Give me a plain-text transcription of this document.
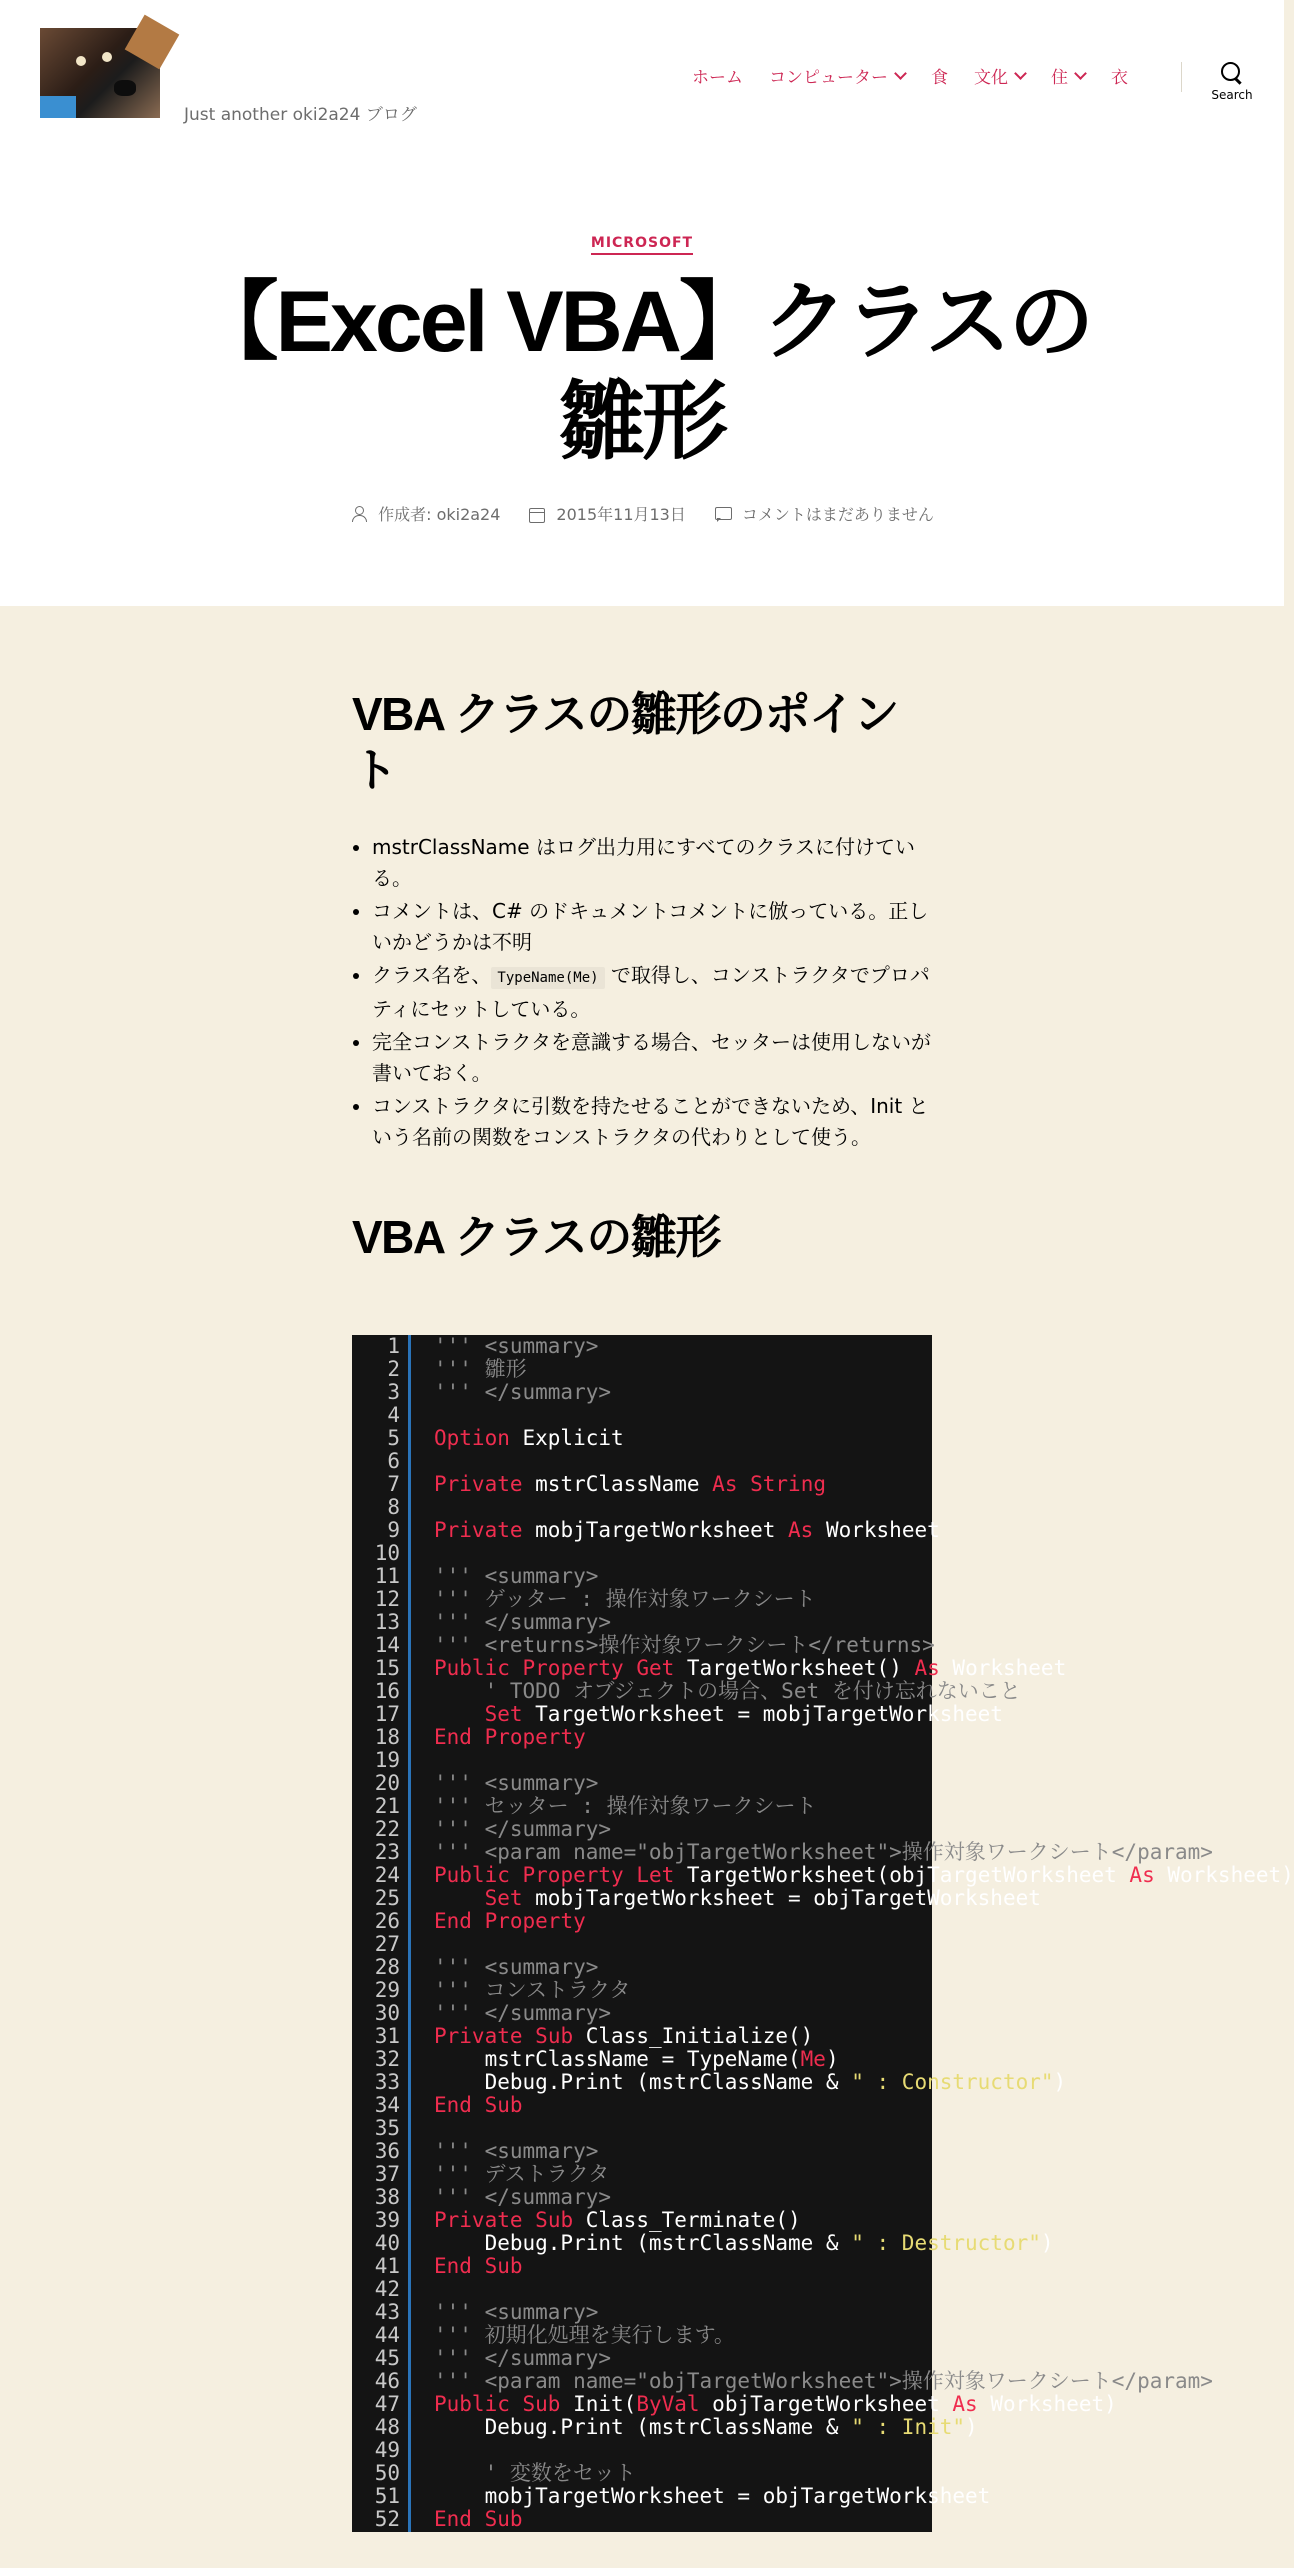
Just another oki2a24 ブログ
ホーム コンピューター	食 文化	住	衣
Search
MICROSOFT
【Excel VBA】クラスの雛形
作成者: oki2a24	2015年11月13日	コメントはまだありません
VBA クラスの雛形のポイント
• mstrClassName はログ出力用にすべてのクラスに付けている。
• コメントは、C# のドキュメントコメントに倣っている。正しいかどうかは不明
• クラス名を、 TypeName(Me) で取得し、コンストラクタでプロパティにセットしている。
• 完全コンストラクタを意識する場合、セッターは使用しないが書いておく。
• コンストラクタに引数を持たせることができないため、Init という名前の関数をコンストラクタの代わりとして使う。
VBA クラスの雛形
1 ''' <summary>
2 ''' 雛形
3 ''' </summary>
4
5 Option Explicit
6
7 Private mstrClassName As String
8
9 Private mobjTargetWorksheet As Worksheet
10
11 ''' <summary>
12 ''' ゲッター : 操作対象ワークシート
13 ''' </summary>
14 ''' <returns>操作対象ワークシート</returns>
15 Public Property Get TargetWorksheet() As Worksheet
16 ' TODO オブジェクトの場合、Set を付け忘れないこと
17	Set TargetWorksheet = mobjTargetWorksheet
18 End Property
19
20 ''' <summary>
21 ''' セッター : 操作対象ワークシート
22 ''' </summary>
23 ''' <param name="objTargetWorksheet">操作対象ワークシート</param>
24 Public Property Let TargetWorksheet(objTargetWorksheet As Worksheet)
25	Set mobjTargetWorksheet = objTargetWorksheet
26 End Property
27
28 ''' <summary>
29 ''' コンストラクタ
30 ''' </summary>
31 Private Sub Class_Initialize()
32 mstrClassName = TypeName(Me)
33 Debug.Print (mstrClassName & " : Constructor")
34 End Sub
35
36 ''' <summary>
37 ''' デストラクタ
38 ''' </summary>
39 Private Sub Class_Terminate()
40 Debug.Print (mstrClassName & " : Destructor")
41 End Sub
42
43 ''' <summary>
44 ''' 初期化処理を実行します。
45 ''' </summary>
46 ''' <param name="objTargetWorksheet">操作対象ワークシート</param>
47 Public Sub Init(ByVal objTargetWorksheet As Worksheet)
48 Debug.Print (mstrClassName & " : Init")
49
50 ' 変数をセット
51 mobjTargetWorksheet = objTargetWorksheet
52 End Sub
